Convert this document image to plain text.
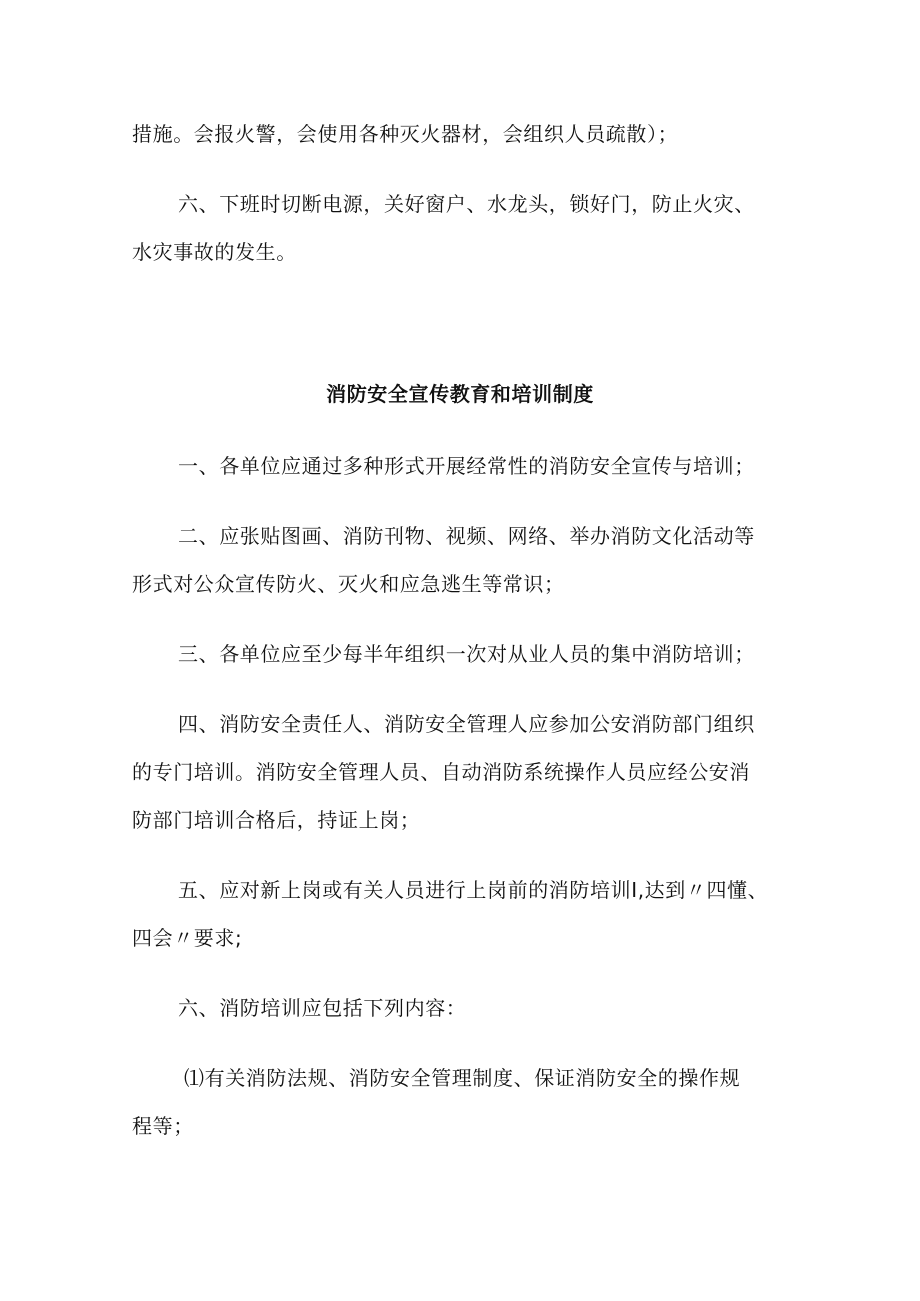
措施。会报火警，会使用各种灭火器材，会组织人员疏散）；
六、下班时切断电源，关好窗户、水龙头，锁好门，防止火灾、
水灾事故的发生。
消防安全宣传教育和培训制度
一、各单位应通过多种形式开展经常性的消防安全宣传与培训；
二、应张贴图画、消防刊物、视频、网络、举办消防文化活动等
形式对公众宣传防火、灭火和应急逃生等常识；
三、各单位应至少每半年组织一次对从业人员的集中消防培训；
四、消防安全责任人、消防安全管理人应参加公安消防部门组织
的专门培训。消防安全管理人员、自动消防系统操作人员应经公安消
防部门培训合格后，持证上岗；
五、应对新上岗或有关人员进行上岗前的消防培训Ⅰ,达到〃四懂、
四会〃要求;
六、消防培训应包括下列内容：
⑴有关消防法规、消防安全管理制度、保证消防安全的操作规
程等；
